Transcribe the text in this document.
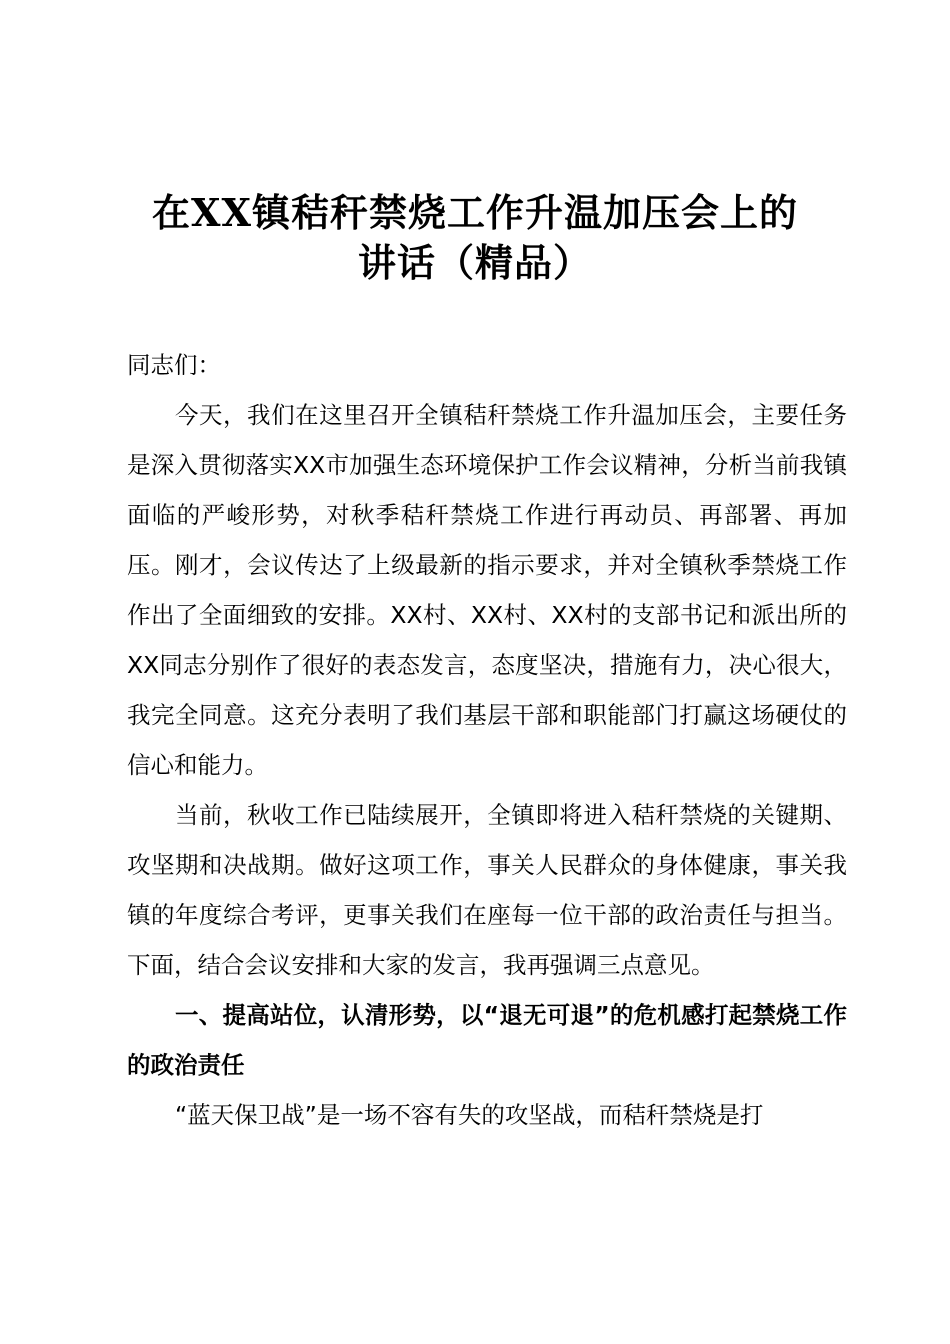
在XX镇秸秆禁烧工作升温加压会上的
讲话（精品）

同志们：

今天，我们在这里召开全镇秸秆禁烧工作升温加压会，主要任务是深入贯彻落实XX市加强生态环境保护工作会议精神，分析当前我镇面临的严峻形势，对秋季秸秆禁烧工作进行再动员、再部署、再加压。刚才，会议传达了上级最新的指示要求，并对全镇秋季禁烧工作作出了全面细致的安排。XX村、XX村、XX村的支部书记和派出所的XX同志分别作了很好的表态发言，态度坚决，措施有力，决心很大，我完全同意。这充分表明了我们基层干部和职能部门打赢这场硬仗的信心和能力。

当前，秋收工作已陆续展开，全镇即将进入秸秆禁烧的关键期、攻坚期和决战期。做好这项工作，事关人民群众的身体健康，事关我镇的年度综合考评，更事关我们在座每一位干部的政治责任与担当。下面，结合会议安排和大家的发言，我再强调三点意见。

一、提高站位，认清形势，以“退无可退”的危机感打起禁烧工作的政治责任

“蓝天保卫战”是一场不容有失的攻坚战，而秸秆禁烧是打
